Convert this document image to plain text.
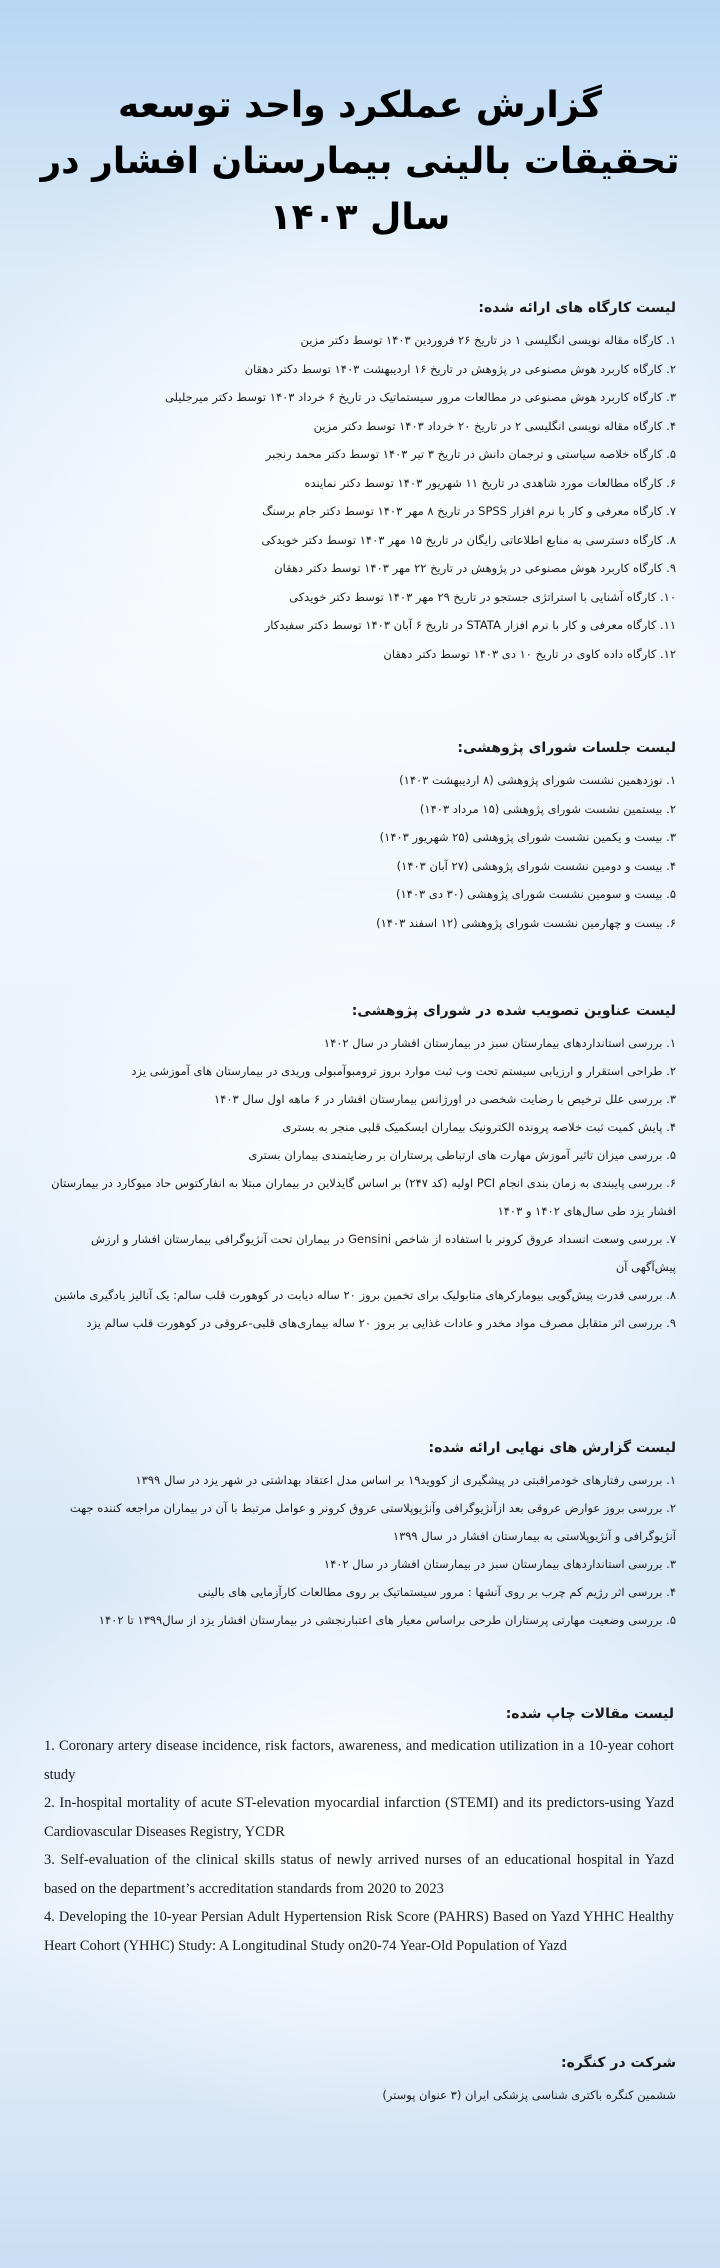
گزارش عملکرد واحد توسعه تحقیقات بالینی بیمارستان افشار در سال ۱۴۰۳
لیست کارگاه های ارائه شده:
۱. کارگاه مقاله نویسی انگلیسی ۱ در تاریخ ۲۶ فروردین ۱۴۰۳ توسط دکتر مزین
۲. کارگاه کاربرد هوش مصنوعی در پژوهش در تاریخ ۱۶ اردیبهشت ۱۴۰۳ توسط دکتر دهقان
۳. کارگاه کاربرد هوش مصنوعی در مطالعات مرور سیستماتیک در تاریخ ۶ خرداد ۱۴۰۳ توسط دکتر میرجلیلی
۴. کارگاه مقاله نویسی انگلیسی ۲ در تاریخ ۲۰ خرداد ۱۴۰۳ توسط دکتر مزین
۵. کارگاه خلاصه سیاستی و ترجمان دانش در تاریخ ۳ تیر ۱۴۰۳ توسط دکتر محمد رنجبر
۶. کارگاه مطالعات مورد شاهدی در تاریخ ۱۱ شهریور ۱۴۰۳ توسط دکتر نماینده
۷. کارگاه معرفی و کار با نرم افزار SPSS در تاریخ ۸ مهر ۱۴۰۳ توسط دکتر جام برسنگ
۸. کارگاه دسترسی به منابع اطلاعاتی رایگان در تاریخ ۱۵ مهر ۱۴۰۳ توسط دکتر خویدکی
۹. کارگاه کاربرد هوش مصنوعی در پژوهش در تاریخ ۲۲ مهر ۱۴۰۳ توسط دکتر دهقان
۱۰. کارگاه آشنایی با استراتژی جستجو در تاریخ ۲۹ مهر ۱۴۰۳ توسط دکتر خویدکی
۱۱. کارگاه معرفی و کار با نرم افزار STATA در تاریخ ۶ آبان ۱۴۰۳ توسط دکتر سفیدکار
۱۲. کارگاه داده کاوی در تاریخ ۱۰ دی ۱۴۰۳ توسط دکتر دهقان
لیست جلسات شورای پژوهشی:
۱. نوزدهمین نشست شورای پژوهشی (۸ اردیبهشت ۱۴۰۳)
۲. بیستمین نشست شورای پژوهشی (۱۵ مرداد ۱۴۰۳)
۳. بیست و یکمین نشست شورای پژوهشی (۲۵ شهریور ۱۴۰۳)
۴. بیست و دومین نشست شورای پژوهشی (۲۷ آبان ۱۴۰۳)
۵. بیست و سومین نشست شورای پژوهشی (۳۰ دی ۱۴۰۳)
۶. بیست و چهارمین نشست شورای پژوهشی (۱۲ اسفند ۱۴۰۳)
لیست عناوین تصویب شده در شورای پژوهشی:
۱. بررسی استانداردهای بیمارستان سبز در بیمارستان افشار در سال ۱۴۰۲
۲. طراحی استقرار و ارزیابی سیستم تحت وب ثبت موارد بروز ترومبوآمبولی وریدی در بیمارستان های آموزشی یزد
۳. بررسی علل ترخیص با رضایت شخصی در اورژانس بیمارستان افشار در ۶ ماهه اول سال ۱۴۰۳
۴. پایش کمیت ثبت خلاصه پرونده الکترونیک بیماران ایسکمیک قلبی منجر به بستری
۵. بررسی میزان تاثیر آموزش مهارت های ارتباطی پرستاران بر رضایتمندی بیماران بستری
۶. بررسی پایبندی به زمان بندی انجام PCI اولیه (کد ۲۴۷) بر اساس گایدلاین در بیماران مبتلا به انفارکتوس حاد میوکارد در بیمارستان افشار یزد طی سال‌های ۱۴۰۲ و ۱۴۰۳
۷. بررسی وسعت انسداد عروق کرونر با استفاده از شاخص Gensini در بیماران تحت آنژیوگرافی بیمارستان افشار و ارزش پیش‌آگهی آن
۸. بررسی قدرت پیش‌گویی بیومارکرهای متابولیک برای تخمین بروز ۲۰ ساله دیابت در کوهورت قلب سالم: یک آنالیز یادگیری ماشین
۹. بررسی اثر متقابل مصرف مواد مخدر و عادات غذایی بر بروز ۲۰ ساله بیماری‌های قلبی-عروقی در کوهورت قلب سالم یزد
لیست گزارش های نهایی ارائه شده:
۱. بررسی رفتارهای خودمراقبتی در پیشگیری از کووید۱۹ بر اساس مدل اعتقاد بهداشتی در شهر یزد در سال ۱۳۹۹
۲. بررسی بروز عوارض عروقی بعد ازآنژیوگرافی وآنژیوپلاستی عروق کرونر و عوامل مرتبط با آن در بیماران مراجعه کننده جهت آنژیوگرافی و آنژیوپلاستی به بیمارستان افشار در سال ۱۳۹۹
۳. بررسی استانداردهای بیمارستان سبز در بیمارستان افشار در سال ۱۴۰۲
۴. بررسی اثر رژیم کم چرب بر روی آنشها : مرور سیستماتیک بر روی مطالعات کارآزمایی های بالینی
۵. بررسی وضعیت مهارتی پرستاران طرحی براساس معیار های اعتبارنجشی در بیمارستان افشار یزد از سال۱۳۹۹ تا ۱۴۰۲
لیست مقالات چاپ شده:

1. Coronary artery disease incidence, risk factors, awareness, and medication utilization in a 10-year cohort study

2. In-hospital mortality of acute ST-elevation myocardial infarction (STEMI) and its predictors-using Yazd Cardiovascular Diseases Registry, YCDR

3. Self-evaluation of the clinical skills status of newly arrived nurses of an educational hospital in Yazd based on the department’s accreditation standards from 2020 to 2023

4. Developing the 10-year Persian Adult Hypertension Risk Score (PAHRS) Based on Yazd YHHC Healthy Heart Cohort (YHHC) Study: A Longitudinal Study on20-74 Year-Old Population of Yazd

شرکت در کنگره:
ششمین کنگره باکتری شناسی پزشکی ایران (۳ عنوان پوستر)
